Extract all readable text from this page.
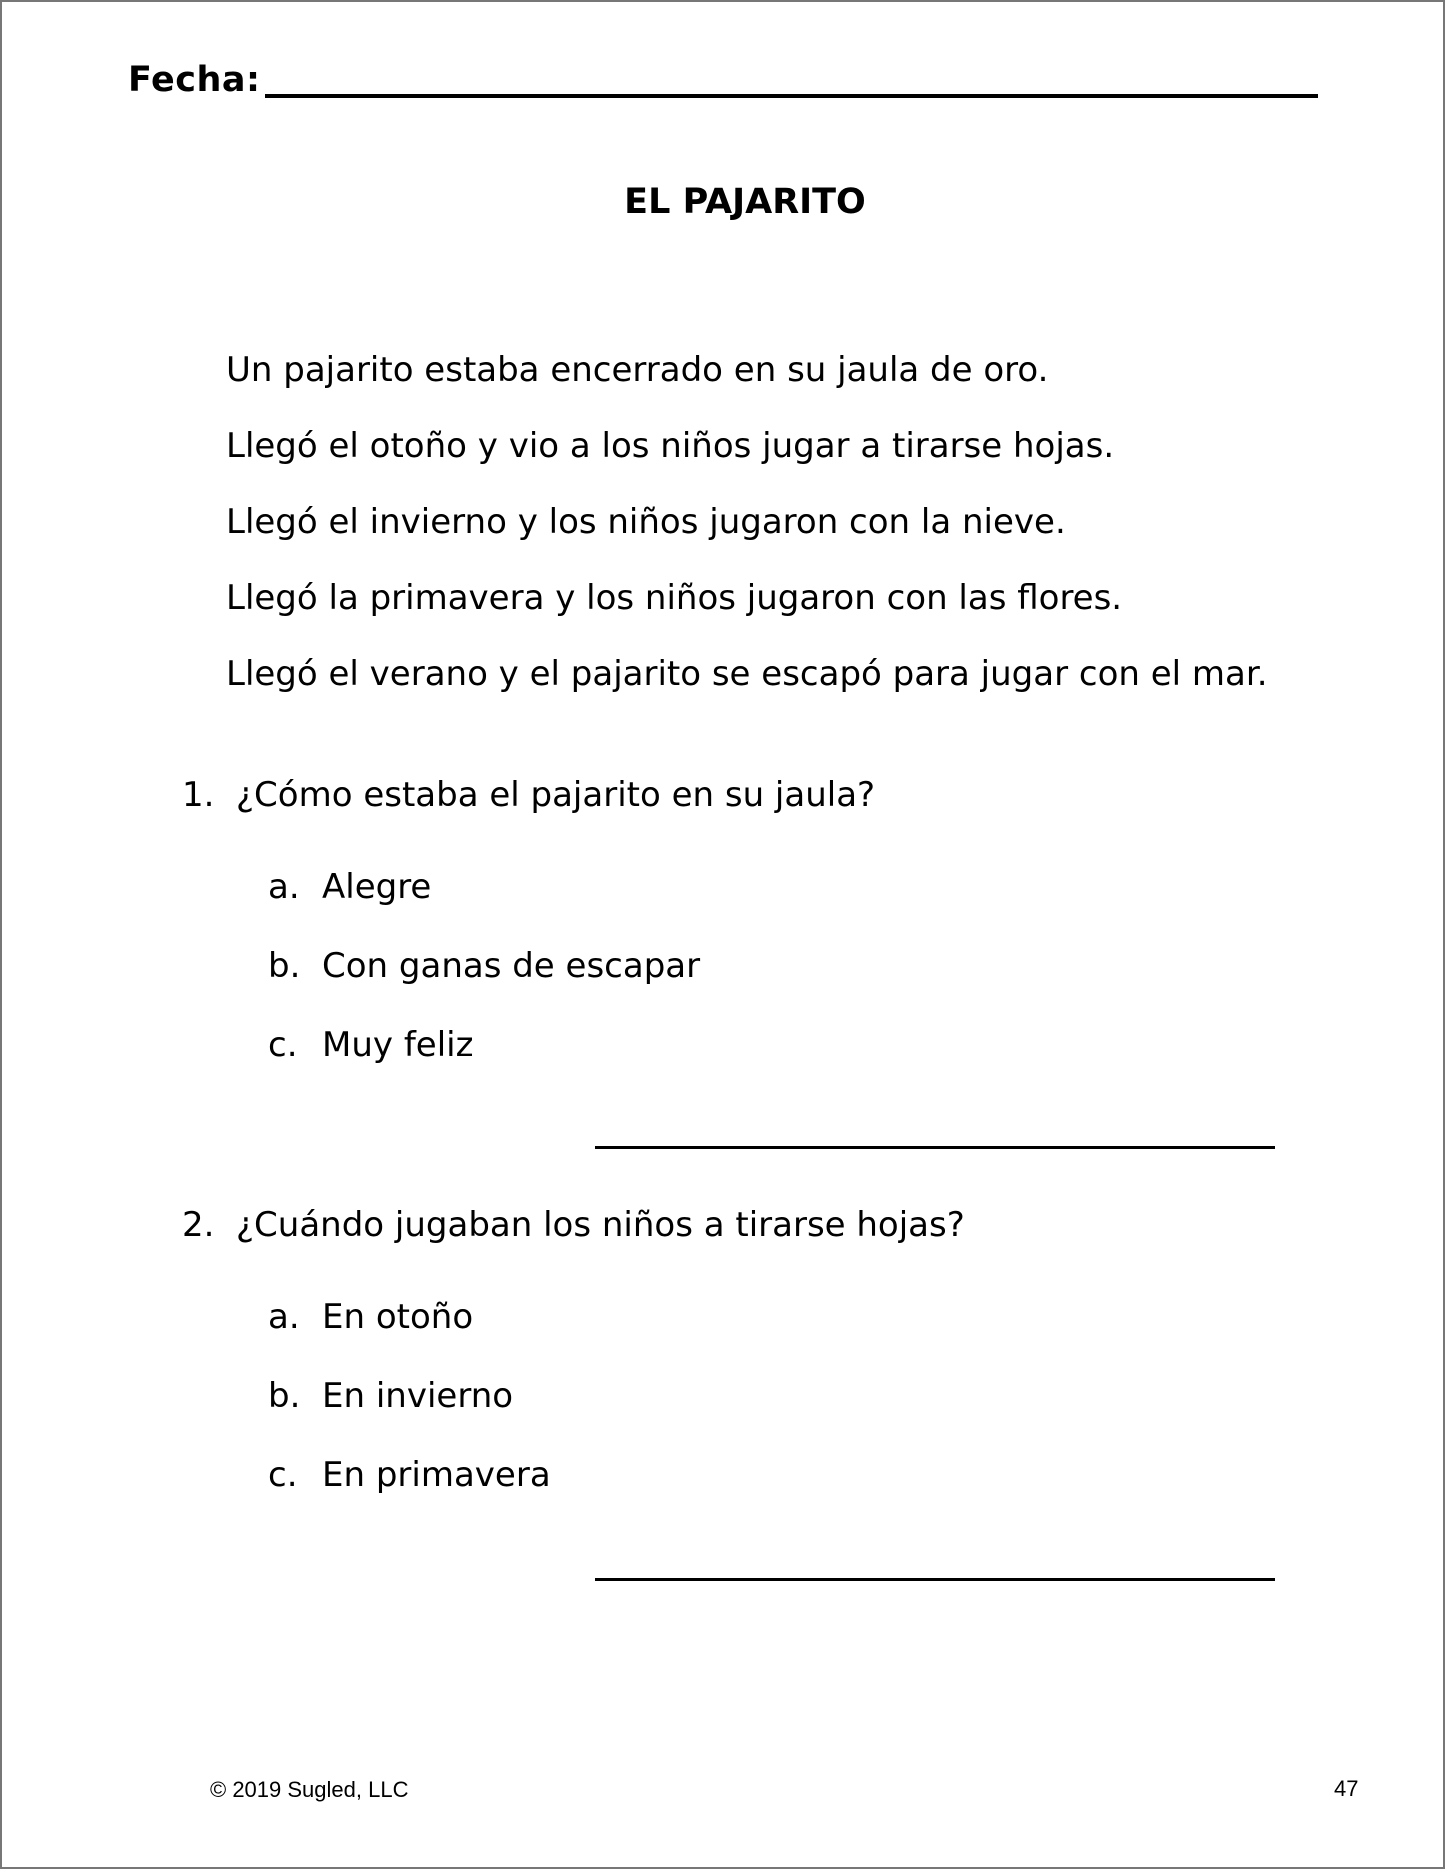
Fecha:
EL PAJARITO
Un pajarito estaba encerrado en su jaula de oro.
Llegó el otoño y vio a los niños jugar a tirarse hojas.
Llegó el invierno y los niños jugaron con la nieve.
Llegó la primavera y los niños jugaron con las flores.
Llegó el verano y el pajarito se escapó para jugar con el mar.
1. ¿Cómo estaba el pajarito en su jaula?
a. Alegre
b. Con ganas de escapar
c. Muy feliz
2. ¿Cuándo jugaban los niños a tirarse hojas?
a. En otoño
b. En invierno
c. En primavera
© 2019 Sugled, LLC	47
